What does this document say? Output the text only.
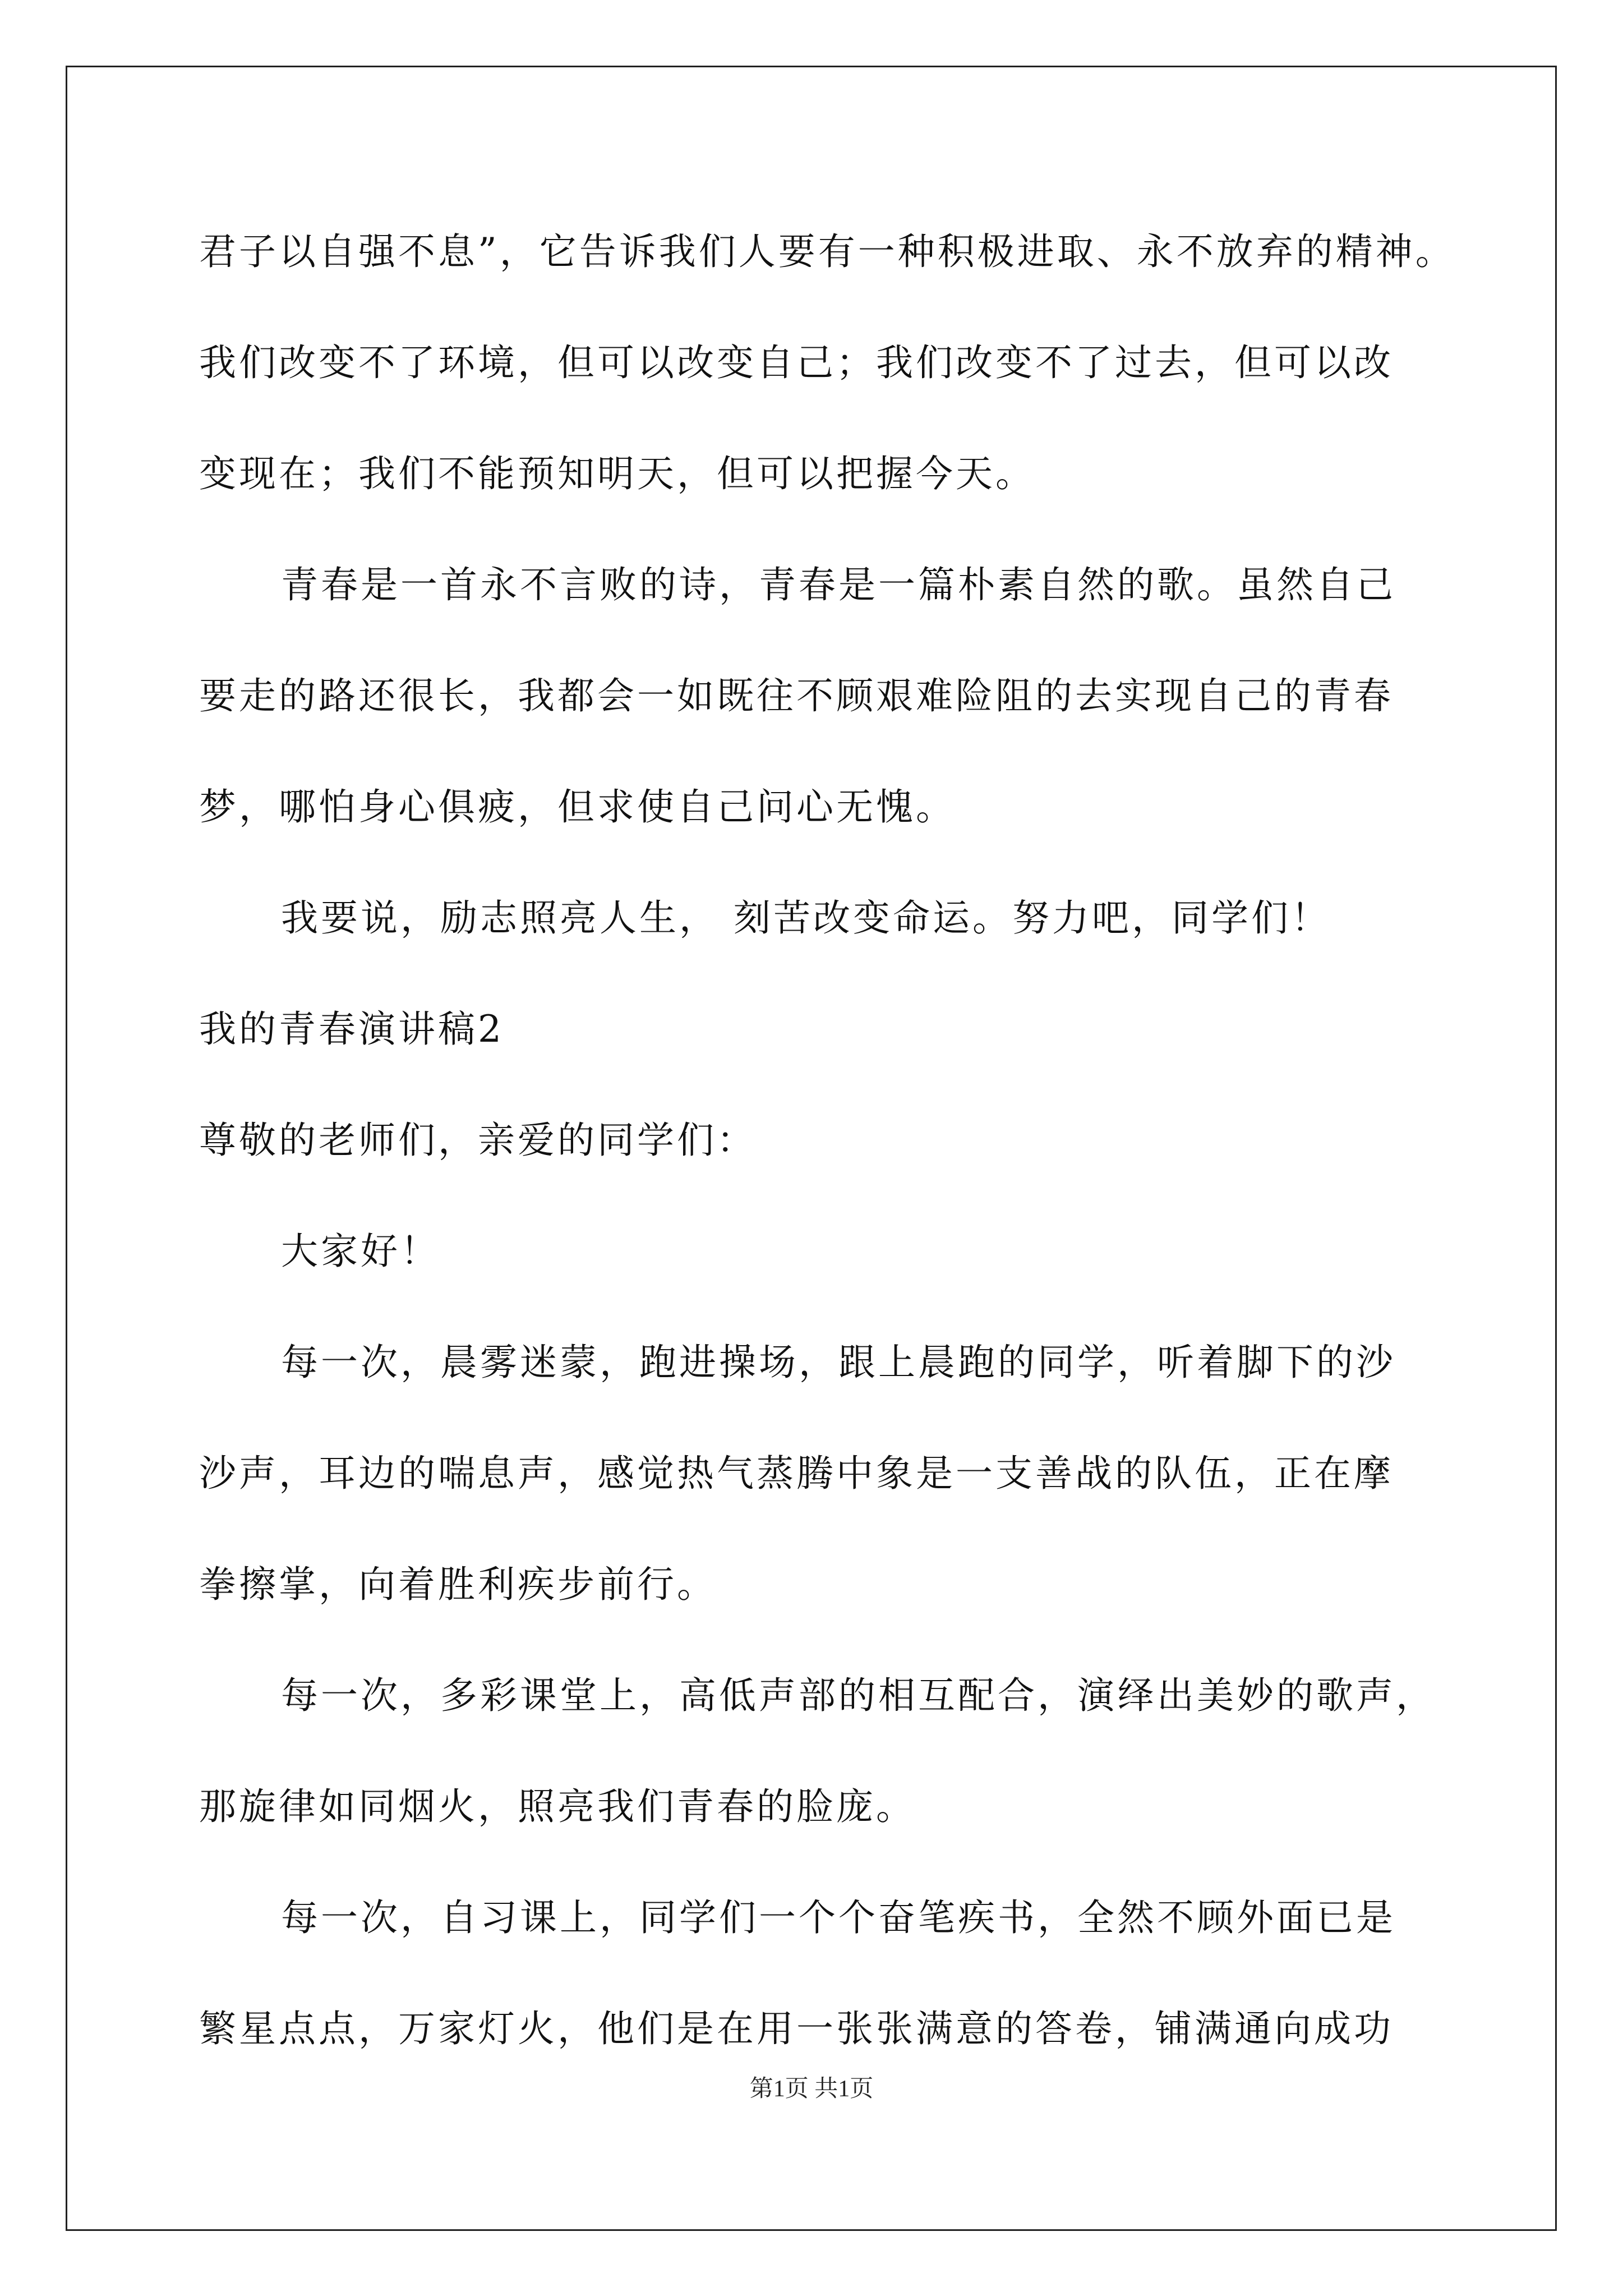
君子以自强不息”，它告诉我们人要有一种积极进取、永不放弃的精神。
我们改变不了环境，但可以改变自己；我们改变不了过去，但可以改
变现在；我们不能预知明天，但可以把握今天。
青春是一首永不言败的诗，青春是一篇朴素自然的歌。虽然自己
要走的路还很长，我都会一如既往不顾艰难险阻的去实现自己的青春
梦，哪怕身心俱疲，但求使自己问心无愧。
我要说，励志照亮人生， 刻苦改变命运。努力吧，同学们！
我的青春演讲稿2
尊敬的老师们，亲爱的同学们：
大家好！
每一次，晨雾迷蒙，跑进操场，跟上晨跑的同学，听着脚下的沙
沙声，耳边的喘息声，感觉热气蒸腾中象是一支善战的队伍，正在摩
拳擦掌，向着胜利疾步前行。
每一次，多彩课堂上，高低声部的相互配合，演绎出美妙的歌声，
那旋律如同烟火，照亮我们青春的脸庞。
每一次，自习课上，同学们一个个奋笔疾书，全然不顾外面已是
繁星点点，万家灯火，他们是在用一张张满意的答卷，铺满通向成功
第1页 共1页
